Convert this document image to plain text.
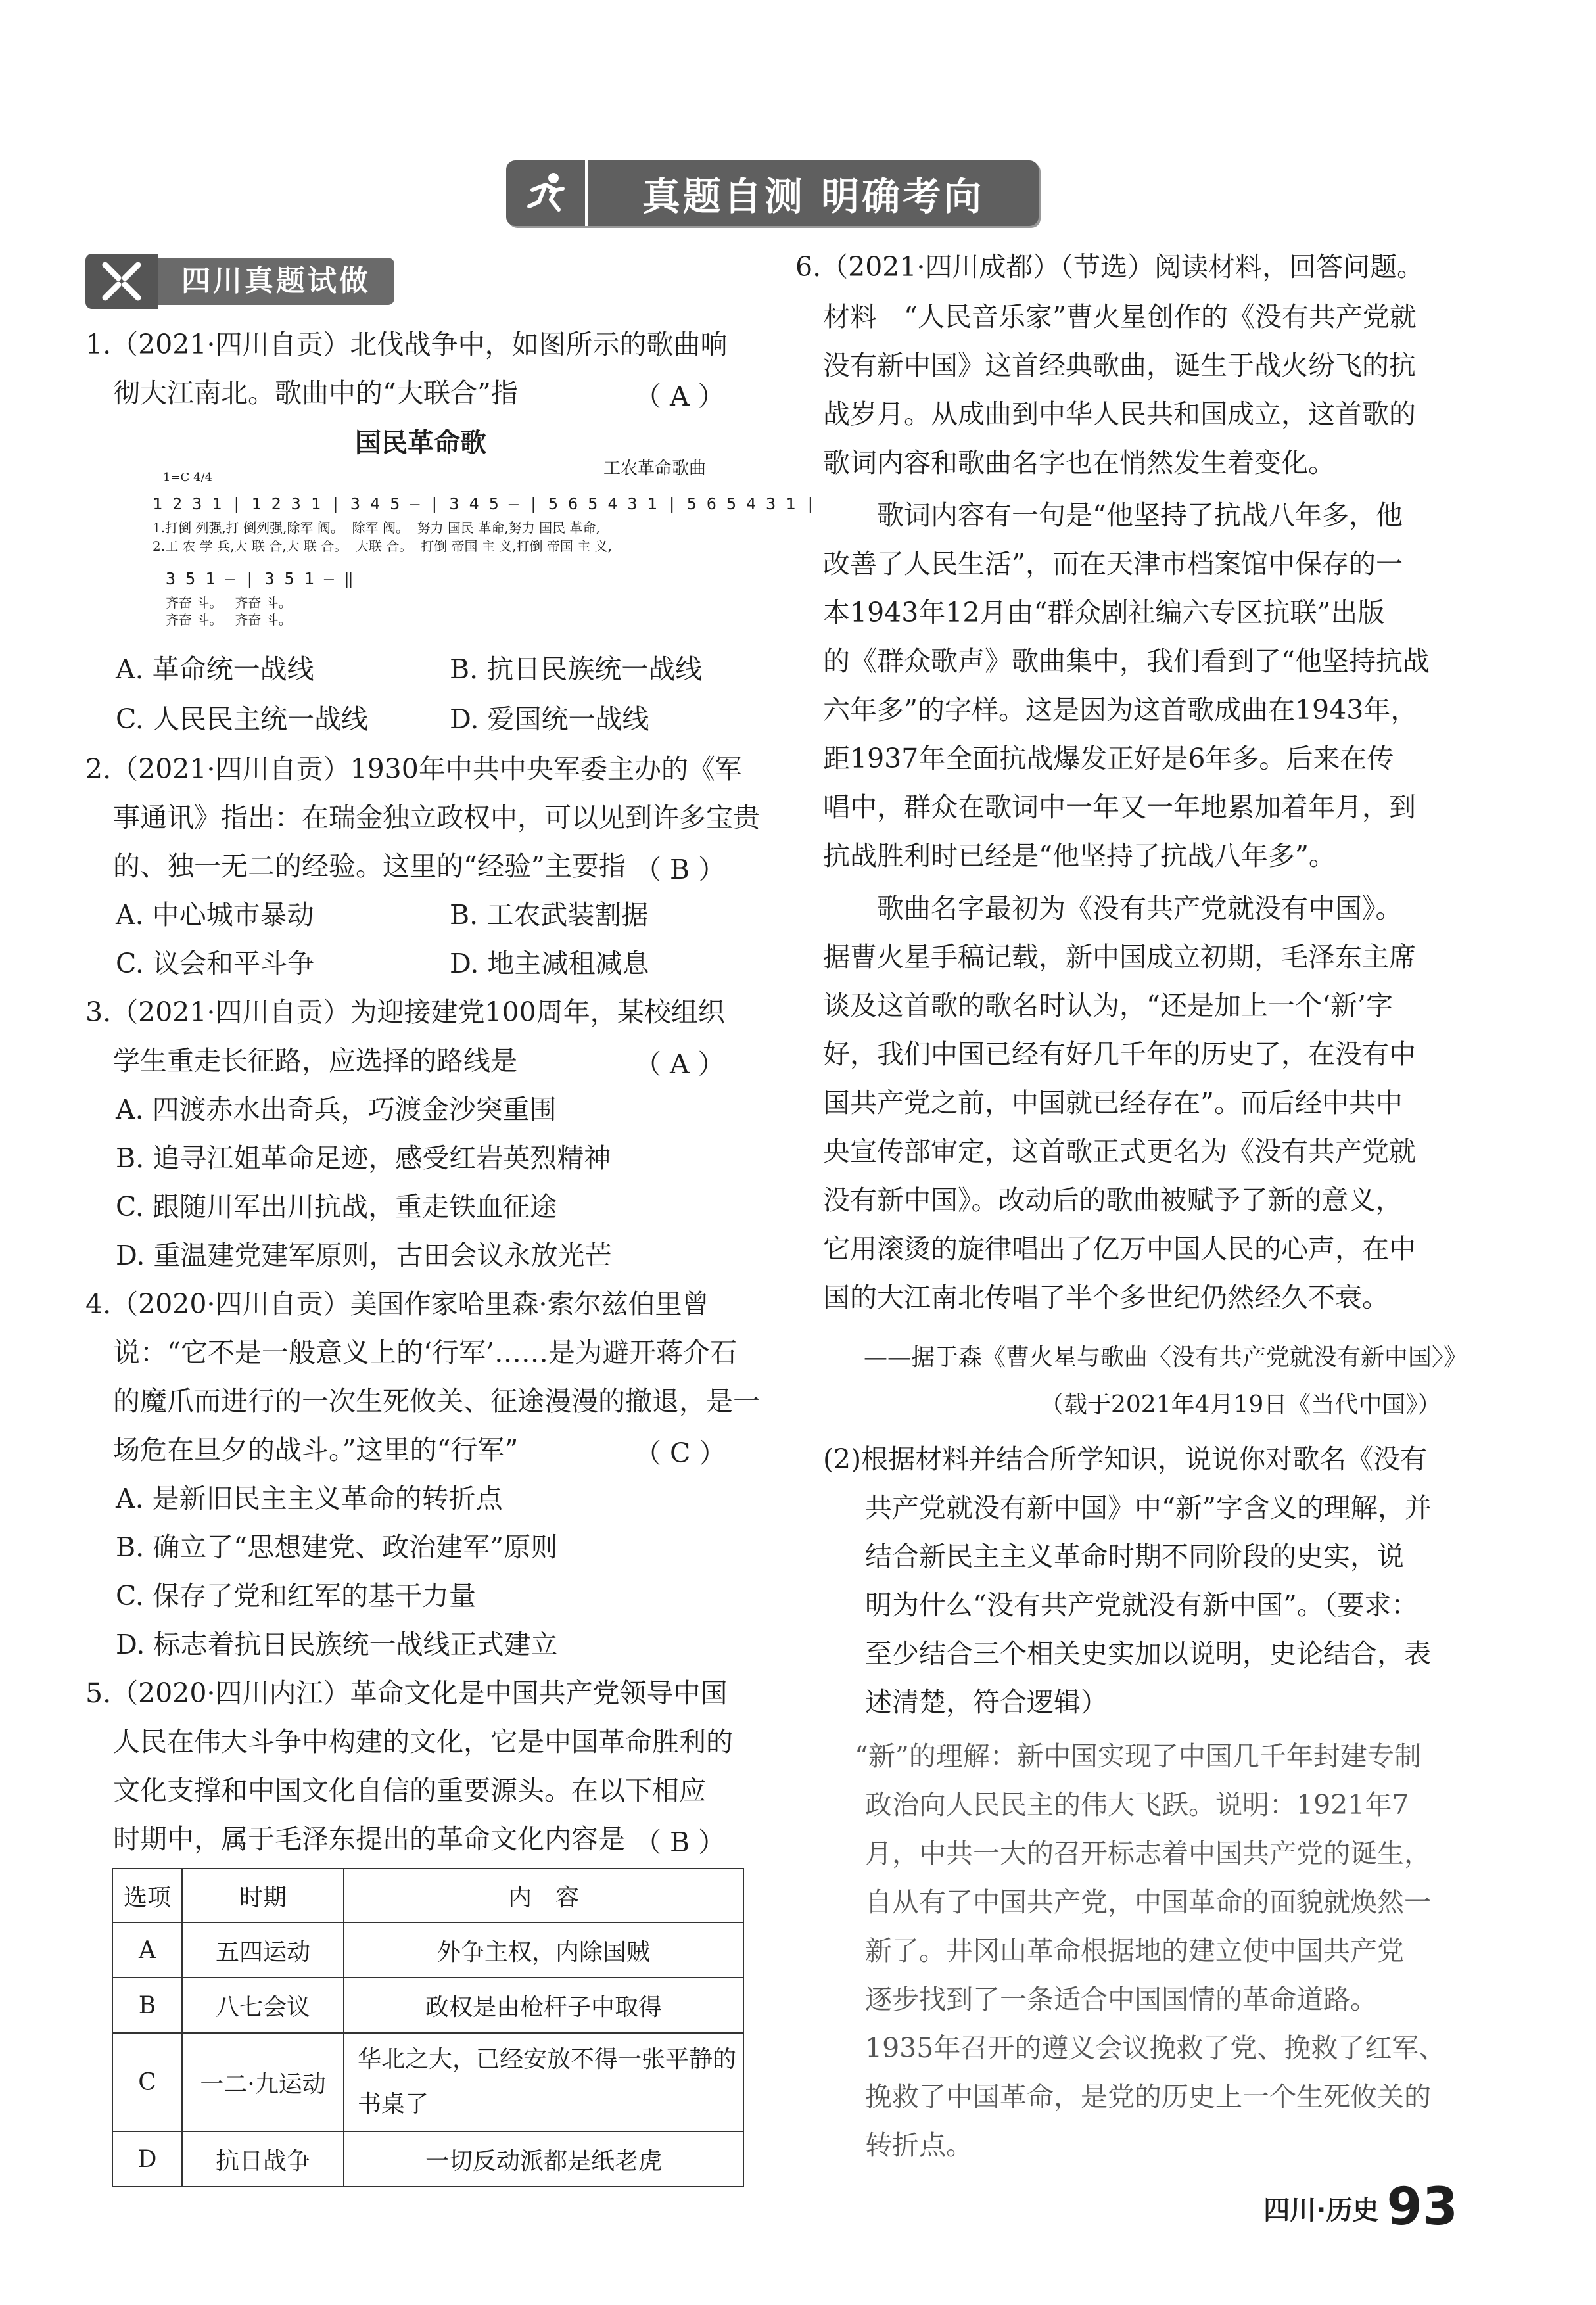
真题自测 明确考向
四川真题试做
1.（2021·四川自贡）北伐战争中，如图所示的歌曲响
彻大江南北。歌曲中的“大联合”指	（ A ）
国民革命歌
工农革命歌曲
1=C 4/4
1 2 3 1 | 1 2 3 1 | 3 4 5 – | 3 4 5 – | 5 6 5 4 3 1 | 5 6 5 4 3 1 |
1.打倒 列强,打 倒列强,除军 阀。  除军 阀。  努力 国民 革命,努力 国民 革命,
2.工 农 学 兵,大 联 合,大 联 合。  大联 合。  打倒 帝国 主 义,打倒 帝国 主 义,
3 5 1 – | 3 5 1 – ‖
齐奋 斗。   齐奋 斗。
齐奋 斗。   齐奋 斗。
A. 革命统一战线	B. 抗日民族统一战线
C. 人民民主统一战线	D. 爱国统一战线
2.（2021·四川自贡）1930年中共中央军委主办的《军
事通讯》指出：在瑞金独立政权中，可以见到许多宝贵
的、独一无二的经验。这里的“经验”主要指 （ B ）
A. 中心城市暴动	B. 工农武装割据
C. 议会和平斗争	D. 地主减租减息
3.（2021·四川自贡）为迎接建党100周年，某校组织
学生重走长征路，应选择的路线是	（ A ）
A. 四渡赤水出奇兵，巧渡金沙突重围
B. 追寻江姐革命足迹，感受红岩英烈精神
C. 跟随川军出川抗战，重走铁血征途
D. 重温建党建军原则，古田会议永放光芒
4.（2020·四川自贡）美国作家哈里森·索尔兹伯里曾
说：“它不是一般意义上的‘行军’……是为避开蒋介石
的魔爪而进行的一次生死攸关、征途漫漫的撤退，是一
场危在旦夕的战斗。”这里的“行军”	（ C ）
A. 是新旧民主主义革命的转折点
B. 确立了“思想建党、政治建军”原则
C. 保存了党和红军的基干力量
D. 标志着抗日民族统一战线正式建立
5.（2020·四川内江）革命文化是中国共产党领导中国
人民在伟大斗争中构建的文化，它是中国革命胜利的
文化支撑和中国文化自信的重要源头。在以下相应
时期中，属于毛泽东提出的革命文化内容是 （ B ）
选项	时期	内　容
A	五四运动	外争主权，内除国贼
B	八七会议	政权是由枪杆子中取得
C	一二·九运动	华北之大，已经安放不得一张平静的书桌了
D	抗日战争	一切反动派都是纸老虎
6.（2021·四川成都）（节选）阅读材料，回答问题。
材料　“人民音乐家”曹火星创作的《没有共产党就
没有新中国》这首经典歌曲，诞生于战火纷飞的抗
战岁月。从成曲到中华人民共和国成立，这首歌的
歌词内容和歌曲名字也在悄然发生着变化。
　　歌词内容有一句是“他坚持了抗战八年多，他
改善了人民生活”，而在天津市档案馆中保存的一
本1943年12月由“群众剧社编六专区抗联”出版
的《群众歌声》歌曲集中，我们看到了“他坚持抗战
六年多”的字样。这是因为这首歌成曲在1943年，
距1937年全面抗战爆发正好是6年多。后来在传
唱中，群众在歌词中一年又一年地累加着年月，到
抗战胜利时已经是“他坚持了抗战八年多”。
　　歌曲名字最初为《没有共产党就没有中国》。
据曹火星手稿记载，新中国成立初期，毛泽东主席
谈及这首歌的歌名时认为，“还是加上一个‘新’字
好，我们中国已经有好几千年的历史了，在没有中
国共产党之前，中国就已经存在”。而后经中共中
央宣传部审定，这首歌正式更名为《没有共产党就
没有新中国》。改动后的歌曲被赋予了新的意义，
它用滚烫的旋律唱出了亿万中国人民的心声，在中
国的大江南北传唱了半个多世纪仍然经久不衰。
——据于森《曹火星与歌曲〈没有共产党就没有新中国〉》
（载于2021年4月19日《当代中国》）
(2)根据材料并结合所学知识，说说你对歌名《没有
共产党就没有新中国》中“新”字含义的理解，并
结合新民主主义革命时期不同阶段的史实，说
明为什么“没有共产党就没有新中国”。（要求：
至少结合三个相关史实加以说明，史论结合，表
述清楚，符合逻辑）
“新”的理解：新中国实现了中国几千年封建专制
政治向人民民主的伟大飞跃。说明：1921年7
月，中共一大的召开标志着中国共产党的诞生，
自从有了中国共产党，中国革命的面貌就焕然一
新了。井冈山革命根据地的建立使中国共产党
逐步找到了一条适合中国国情的革命道路。
1935年召开的遵义会议挽救了党、挽救了红军、
挽救了中国革命，是党的历史上一个生死攸关的
转折点。
四川·历史 93
